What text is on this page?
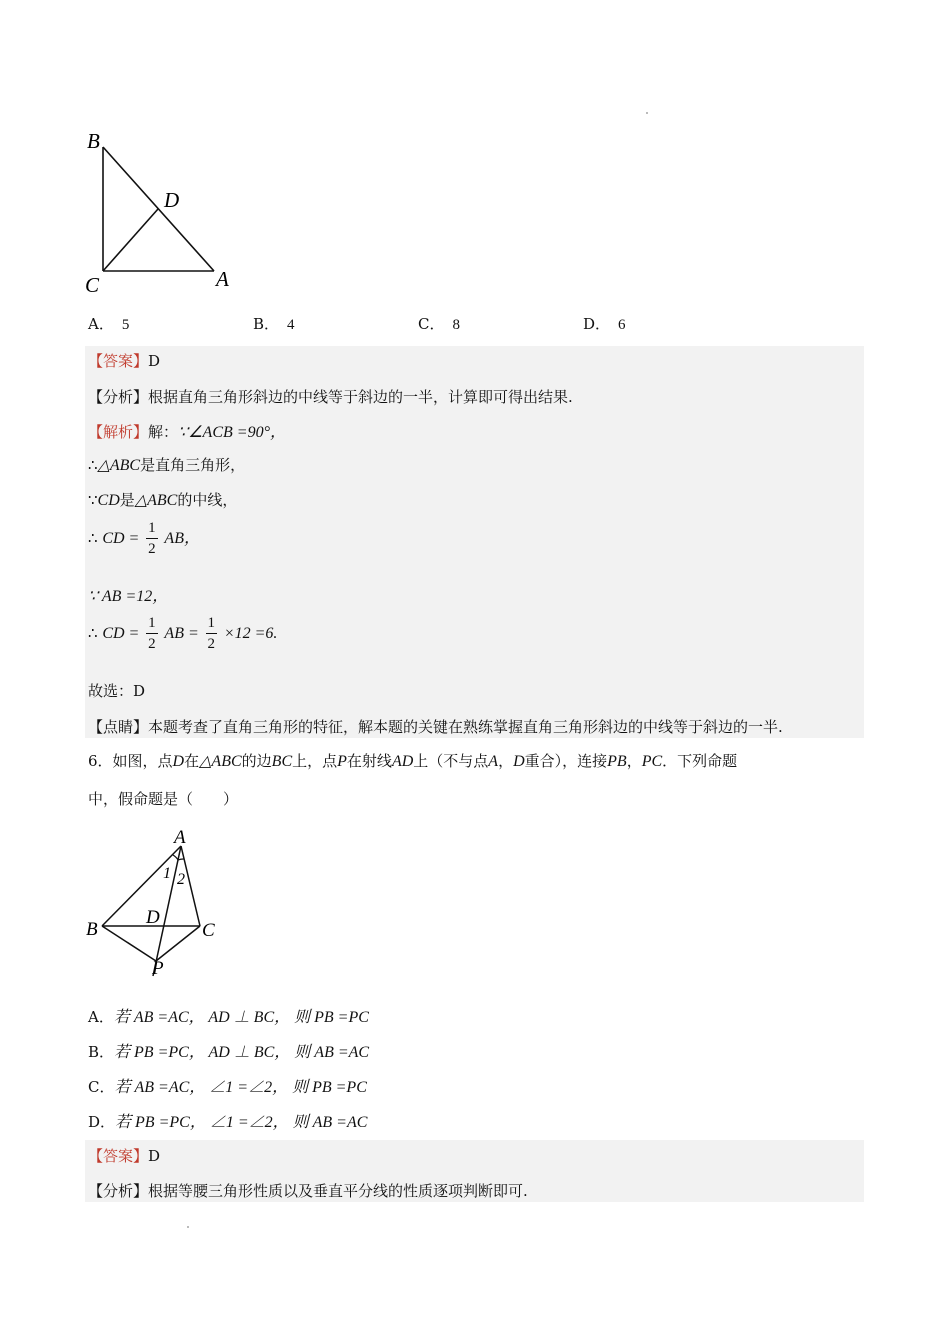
B
D
C	A
A． 5	B． 4	C． 8	D． 6
【答案】D
【分析】根据直角三角形斜边的中线等于斜边的一半，计算即可得出结果.
【解析】解：∵∠ACB =90°，
∴△ABC是直角三角形，
∵CD是△ABC的中线，
∴ CD = $\frac{1}{2}$ AB，
∵ AB =12，
∴ CD = $\frac{1}{2}$ AB = $\frac{1}{2} \times 12 =6$.
故选：D
【点睛】本题考查了直角三角形的特征，解本题的关键在熟练掌握直角三角形斜边的中线等于斜边的一半.
6．如图，点D在△ABC的边BC上，点P在射线AD上（不与点A，D重合），连接PB，PC．下列命题
中，假命题是（　　）
A
1 2
B
D
C
P
A．若 AB =AC， AD ⊥ BC， 则 PB =PC
B．若 PB =PC， AD ⊥ BC， 则 AB =AC
C．若 AB =AC， ∠1 =∠2， 则 PB =PC
D．若 PB =PC， ∠1 =∠2， 则 AB =AC
【答案】D
【分析】根据等腰三角形性质以及垂直平分线的性质逐项判断即可.
